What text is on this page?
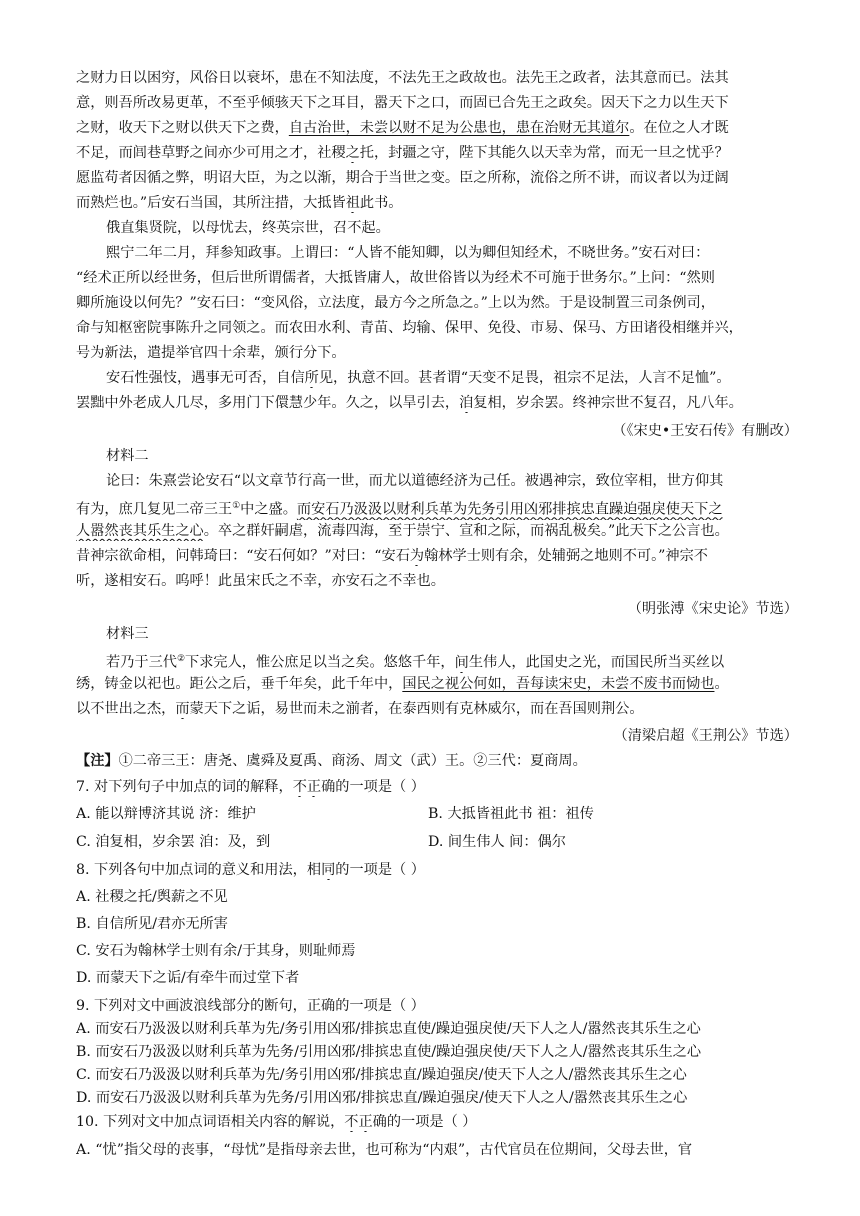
之财力日以困穷，风俗日以衰坏，患在不知法度，不法先王之政故也。法先王之政者，法其意而已。法其
意，则吾所改易更革，不至乎倾骇天下之耳目，嚣天下之口，而固已合先王之政矣。因天下之力以生天下
之财，收天下之财以供天下之费，自古治世，未尝以财不足为公患也，患在治财无其道尔。在位之人才既
不足，而闾巷草野之间亦少可用之才，社稷之托，封疆之守，陛下其能久以天幸为常，而无一旦之忧乎？
愿监苟者因循之弊，明诏大臣，为之以渐，期合于当世之变。臣之所称，流俗之所不讲，而议者以为迂阔
而熟烂也。”后安石当国，其所注措，大抵皆祖此书。
俄直集贤院，以母忧去，终英宗世，召不起。
熙宁二年二月，拜参知政事。上谓曰：“人皆不能知卿，以为卿但知经术，不晓世务。”安石对曰：
“经术正所以经世务，但后世所谓儒者，大抵皆庸人，故世俗皆以为经术不可施于世务尔。”上问：“然则
卿所施设以何先？”安石曰：“变风俗，立法度，最方今之所急之。”上以为然。于是设制置三司条例司，
命与知枢密院事陈升之同领之。而农田水利、青苗、均输、保甲、免役、市易、保马、方田诸役相继并兴，
号为新法，遣提举官四十余辈，颁行分下。
安石性强忮，遇事无可否，自信所见，执意不回。甚者谓“天变不足畏，祖宗不足法，人言不足恤”。
罢黜中外老成人几尽，多用门下儇慧少年。久之，以旱引去，洎复相，岁余罢。终神宗世不复召，凡八年。
（《宋史•王安石传》有删改）
材料二
论曰：朱熹尝论安石“以文章节行高一世，而尤以道德经济为己任。被遇神宗，致位宰相，世方仰其
有为，庶几复见二帝三王①中之盛。而安石乃汲汲以财利兵革为先务引用凶邪排摈忠直躁迫强戾使天下之
人嚣然丧其乐生之心。卒之群奸嗣虐，流毒四海，至于崇宁、宣和之际，而祸乱极矣。”此天下之公言也。
昔神宗欲命相，问韩琦曰：“安石何如？”对曰：“安石为翰林学士则有余，处辅弼之地则不可。”神宗不
听，遂相安石。呜呼！此虽宋氏之不幸，亦安石之不幸也。
（明张溥《宋史论》节选）
材料三
若乃于三代②下求完人，惟公庶足以当之矣。悠悠千年，间生伟人，此国史之光，而国民所当买丝以
绣，铸金以祀也。距公之后，垂千年矣，此千年中，国民之视公何如，吾每读宋史，未尝不废书而恸也。
以不世出之杰，而蒙天下之诟，易世而未之湔者，在泰西则有克林威尔，而在吾国则荆公。
（清梁启超《王荆公》节选）
【注】①二帝三王：唐尧、虞舜及夏禹、商汤、周文（武）王。②三代：夏商周。
7. 对下列句子中加点的词的解释，不正确的一项是（ ）
A. 能以辩博济其说 济：维护	B. 大抵皆祖此书 祖：祖传
C. 洎复相，岁余罢 洎：及，到	D. 间生伟人 间：偶尔
8. 下列各句中加点词的意义和用法，相同的一项是（ ）
A. 社稷之托/舆薪之不见
B. 自信所见/君亦无所害
C. 安石为翰林学士则有余/于其身，则耻师焉
D. 而蒙天下之诟/有牵牛而过堂下者
9. 下列对文中画波浪线部分的断句，正确的一项是（ ）
A. 而安石乃汲汲以财利兵革为先/务引用凶邪/排摈忠直使/躁迫强戾使/天下人之人/嚣然丧其乐生之心
B. 而安石乃汲汲以财利兵革为先务/引用凶邪/排摈忠直使/躁迫强戾使/天下人之人/嚣然丧其乐生之心
C. 而安石乃汲汲以财利兵革为先/务引用凶邪/排摈忠直/躁迫强戾/使天下人之人/嚣然丧其乐生之心
D. 而安石乃汲汲以财利兵革为先务/引用凶邪/排摈忠直/躁迫强戾/使天下人之人/嚣然丧其乐生之心
10. 下列对文中加点词语相关内容的解说，不正确的一项是（ ）
A. “忧”指父母的丧事，“母忧”是指母亲去世，也可称为“内艰”，古代官员在位期间，父母去世，官
